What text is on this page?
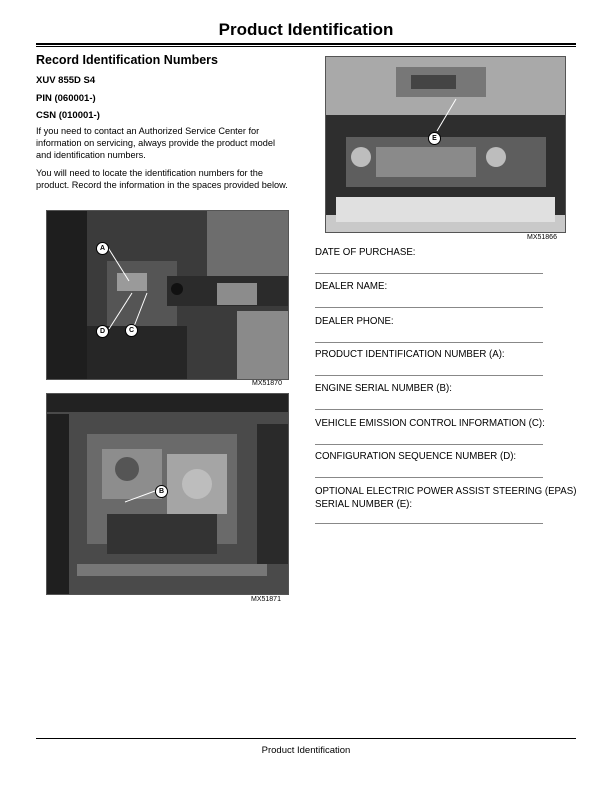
Product Identification
Record Identification Numbers
XUV 855D S4
PIN (060001-)
CSN (010001-)
If you need to contact an Authorized Service Center for information on servicing, always provide the product model and identification numbers.
You will need to locate the identification numbers for the product. Record the information in the spaces provided below.
A
D	C
MX51870
B
MX51871
E
MX51866
DATE OF PURCHASE:
DEALER NAME:
DEALER PHONE:
PRODUCT IDENTIFICATION NUMBER (A):
ENGINE SERIAL NUMBER (B):
VEHICLE EMISSION CONTROL INFORMATION (C):
CONFIGURATION SEQUENCE NUMBER (D):
OPTIONAL ELECTRIC POWER ASSIST STEERING (EPAS) SERIAL NUMBER (E):
Product Identification
